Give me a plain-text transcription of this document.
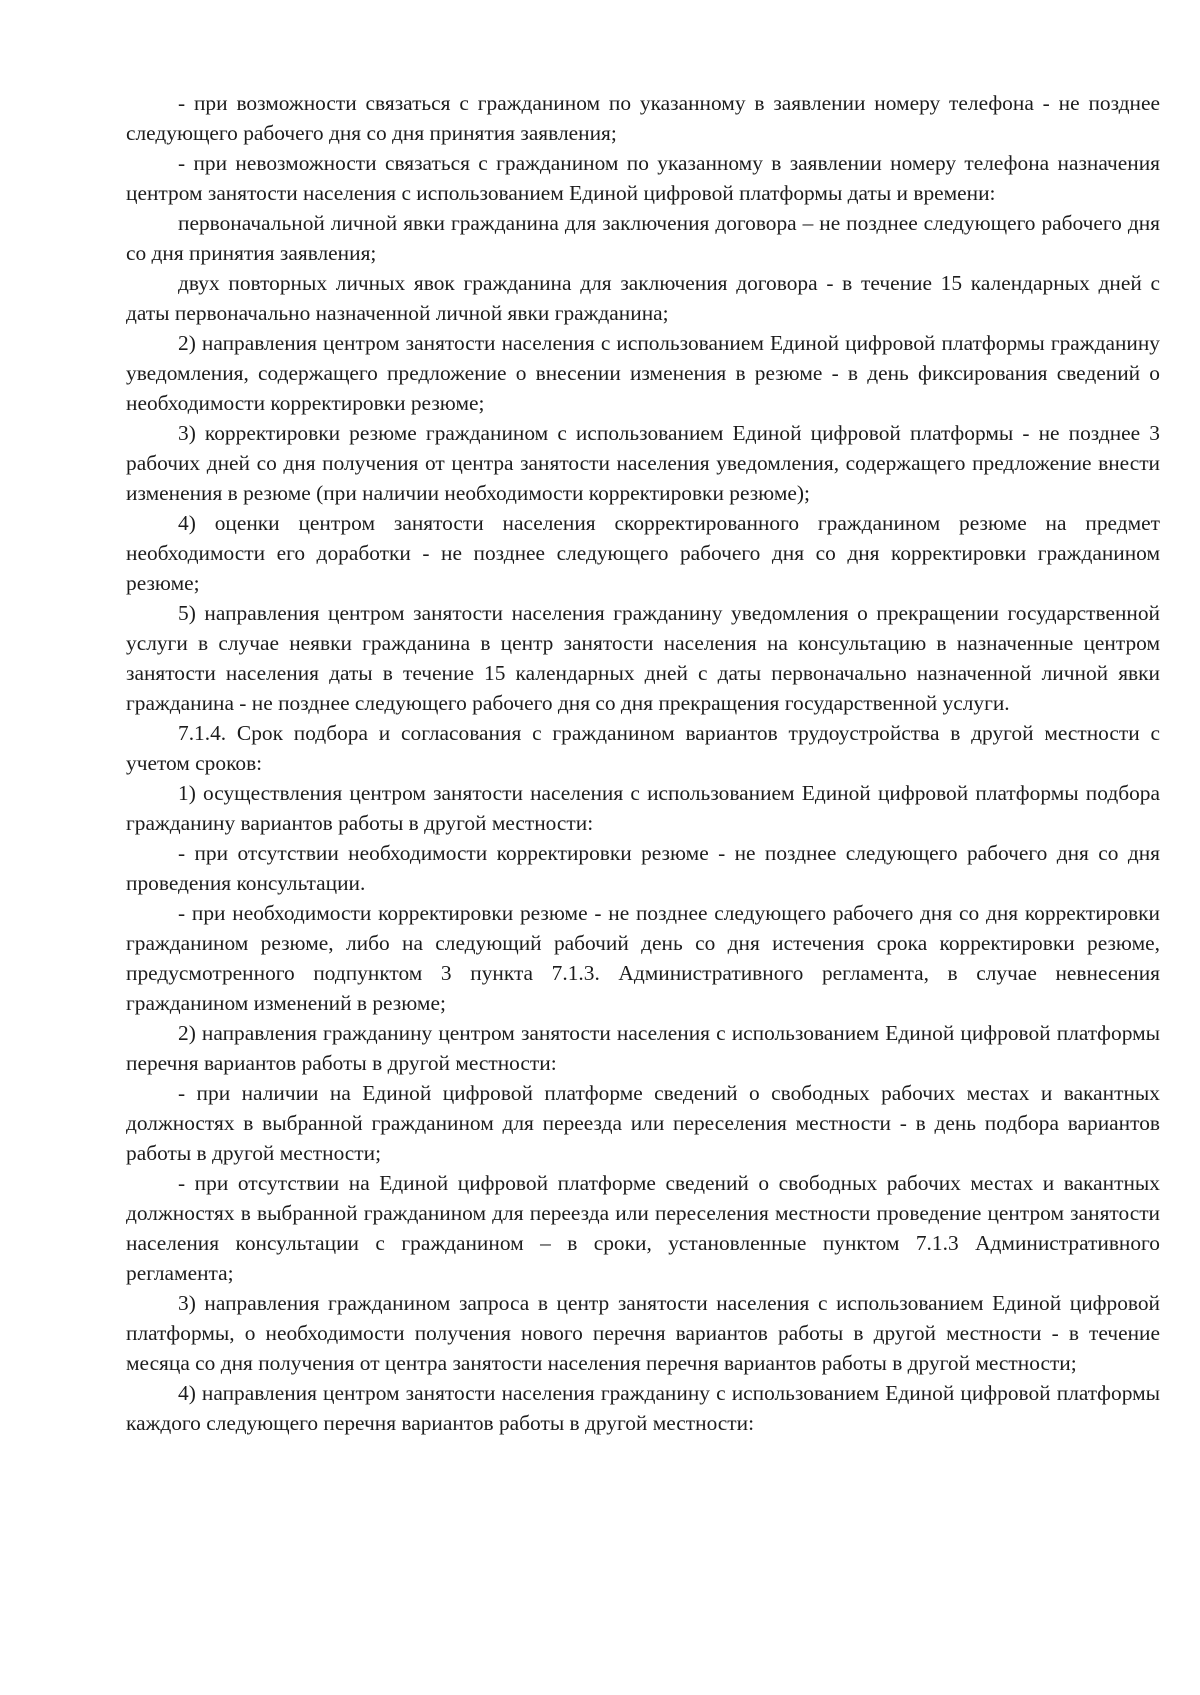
- при возможности связаться с гражданином по указанному в заявлении номеру телефона - не позднее следующего рабочего дня со дня принятия заявления;

- при невозможности связаться с гражданином по указанному в заявлении номеру телефона назначения центром занятости населения с использованием Единой цифровой платформы даты и времени:

первоначальной личной явки гражданина для заключения договора – не позднее следующего рабочего дня со дня принятия заявления;

двух повторных личных явок гражданина для заключения договора - в течение 15 календарных дней с даты первоначально назначенной личной явки гражданина;

2) направления центром занятости населения с использованием Единой цифровой платформы гражданину уведомления, содержащего предложение о внесении изменения в резюме - в день фиксирования сведений о необходимости корректировки резюме;

3) корректировки резюме гражданином с использованием Единой цифровой платформы - не позднее 3 рабочих дней со дня получения от центра занятости населения уведомления, содержащего предложение внести изменения в резюме (при наличии необходимости корректировки резюме);

4) оценки центром занятости населения скорректированного гражданином резюме на предмет необходимости его доработки - не позднее следующего рабочего дня со дня корректировки гражданином резюме;

5) направления центром занятости населения гражданину уведомления о прекращении государственной услуги в случае неявки гражданина в центр занятости населения на консультацию в назначенные центром занятости населения даты в течение 15 календарных дней с даты первоначально назначенной личной явки гражданина - не позднее следующего рабочего дня со дня прекращения государственной услуги.

7.1.4. Срок подбора и согласования с гражданином вариантов трудоустройства в другой местности с учетом сроков:

1) осуществления центром занятости населения с использованием Единой цифровой платформы подбора гражданину вариантов работы в другой местности:

- при отсутствии необходимости корректировки резюме - не позднее следующего рабочего дня со дня проведения консультации.

- при необходимости корректировки резюме - не позднее следующего рабочего дня со дня корректировки гражданином резюме, либо на следующий рабочий день со дня истечения срока корректировки резюме, предусмотренного подпунктом 3 пункта 7.1.3. Административного регламента, в случае невнесения гражданином изменений в резюме;

2) направления гражданину центром занятости населения с использованием Единой цифровой платформы перечня вариантов работы в другой местности:

- при наличии на Единой цифровой платформе сведений о свободных рабочих местах и вакантных должностях в выбранной гражданином для переезда или переселения местности - в день подбора вариантов работы в другой местности;

- при отсутствии на Единой цифровой платформе сведений о свободных рабочих местах и вакантных должностях в выбранной гражданином для переезда или переселения местности проведение центром занятости населения консультации с гражданином – в сроки, установленные пунктом 7.1.3 Административного регламента;

3) направления гражданином запроса в центр занятости населения с использованием Единой цифровой платформы, о необходимости получения нового перечня вариантов работы в другой местности - в течение месяца со дня получения от центра занятости населения перечня вариантов работы в другой местности;

4) направления центром занятости населения гражданину с использованием Единой цифровой платформы каждого следующего перечня вариантов работы в другой местности:
